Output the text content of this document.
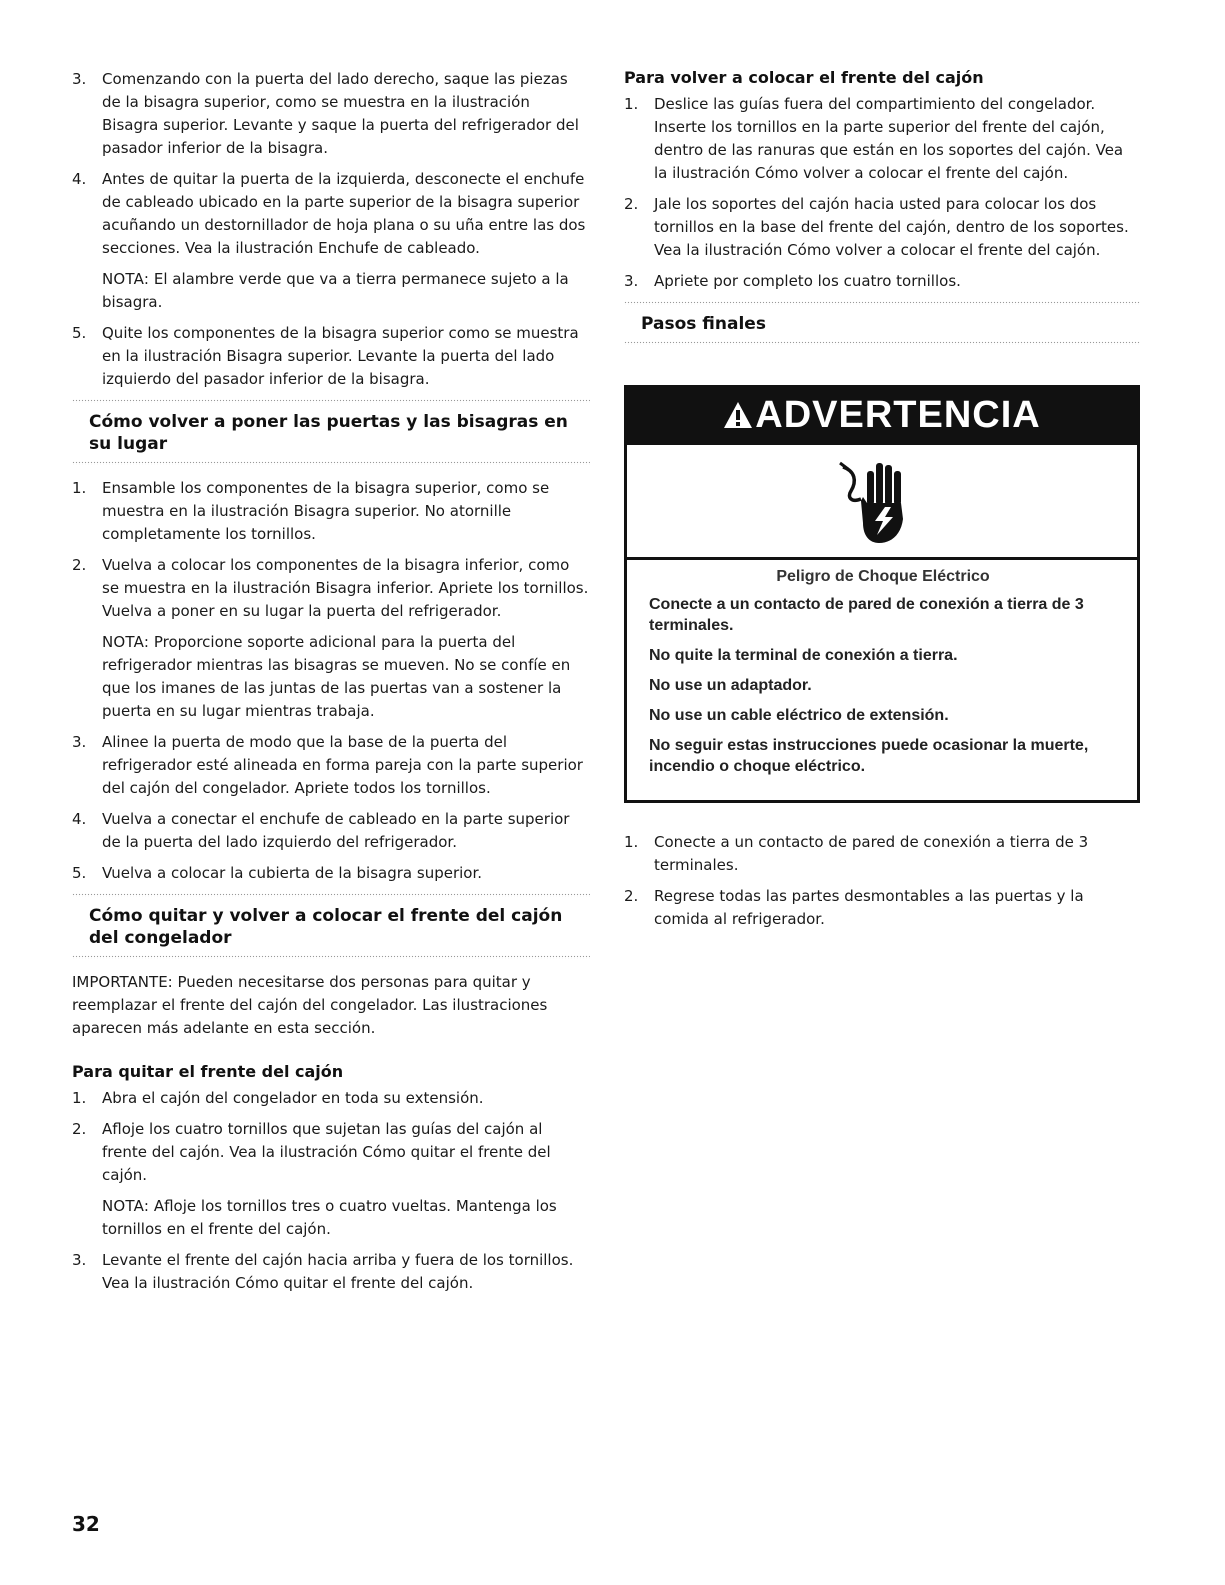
3. Comenzando con la puerta del lado derecho, saque las piezas de la bisagra superior, como se muestra en la ilustración Bisagra superior. Levante y saque la puerta del refrigerador del pasador inferior de la bisagra.
4. Antes de quitar la puerta de la izquierda, desconecte el enchufe de cableado ubicado en la parte superior de la bisagra superior acuñando un destornillador de hoja plana o su uña entre las dos secciones. Vea la ilustración Enchufe de cableado.
NOTA: El alambre verde que va a tierra permanece sujeto a la bisagra.
5. Quite los componentes de la bisagra superior como se muestra en la ilustración Bisagra superior. Levante la puerta del lado izquierdo del pasador inferior de la bisagra.
Cómo volver a poner las puertas y las bisagras en su lugar
1. Ensamble los componentes de la bisagra superior, como se muestra en la ilustración Bisagra superior. No atornille completamente los tornillos.
2. Vuelva a colocar los componentes de la bisagra inferior, como se muestra en la ilustración Bisagra inferior. Apriete los tornillos. Vuelva a poner en su lugar la puerta del refrigerador.
NOTA: Proporcione soporte adicional para la puerta del refrigerador mientras las bisagras se mueven. No se confíe en que los imanes de las juntas de las puertas van a sostener la puerta en su lugar mientras trabaja.
3. Alinee la puerta de modo que la base de la puerta del refrigerador esté alineada en forma pareja con la parte superior del cajón del congelador. Apriete todos los tornillos.
4. Vuelva a conectar el enchufe de cableado en la parte superior de la puerta del lado izquierdo del refrigerador.
5. Vuelva a colocar la cubierta de la bisagra superior.
Cómo quitar y volver a colocar el frente del cajón del congelador

IMPORTANTE: Pueden necesitarse dos personas para quitar y reemplazar el frente del cajón del congelador. Las ilustraciones aparecen más adelante en esta sección.

Para quitar el frente del cajón
1. Abra el cajón del congelador en toda su extensión.
2. Afloje los cuatro tornillos que sujetan las guías del cajón al frente del cajón. Vea la ilustración Cómo quitar el frente del cajón.
NOTA: Afloje los tornillos tres o cuatro vueltas. Mantenga los tornillos en el frente del cajón.
3. Levante el frente del cajón hacia arriba y fuera de los tornillos. Vea la ilustración Cómo quitar el frente del cajón.
Para volver a colocar el frente del cajón
1. Deslice las guías fuera del compartimiento del congelador. Inserte los tornillos en la parte superior del frente del cajón, dentro de las ranuras que están en los soportes del cajón. Vea la ilustración Cómo volver a colocar el frente del cajón.
2. Jale los soportes del cajón hacia usted para colocar los dos tornillos en la base del frente del cajón, dentro de los soportes. Vea la ilustración Cómo volver a colocar el frente del cajón.
3. Apriete por completo los cuatro tornillos.
Pasos finales
ADVERTENCIA
Peligro de Choque Eléctrico
Conecte a un contacto de pared de conexión a tierra de 3 terminales.
No quite la terminal de conexión a tierra.
No use un adaptador.
No use un cable eléctrico de extensión.
No seguir estas instrucciones puede ocasionar la muerte, incendio o choque eléctrico.
1. Conecte a un contacto de pared de conexión a tierra de 3 terminales.
2. Regrese todas las partes desmontables a las puertas y la comida al refrigerador.
32
